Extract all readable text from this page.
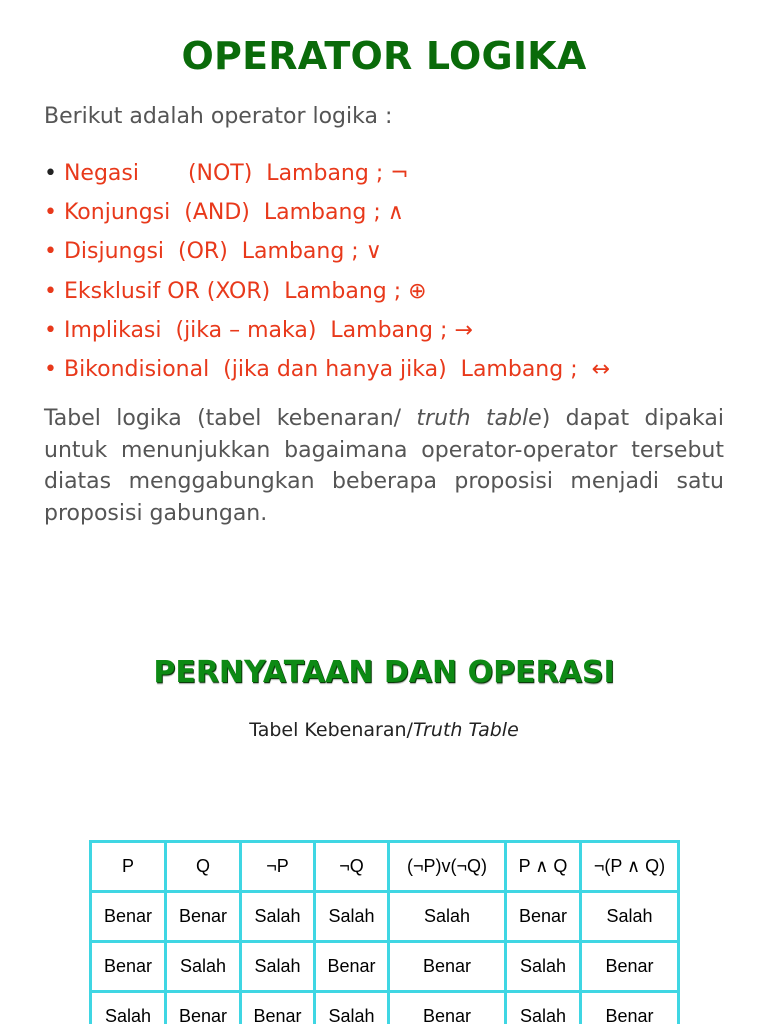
OPERATOR LOGIKA

Berikut adalah operator logika :

• Negasi       (NOT)  Lambang ; ¬
• Konjungsi  (AND)  Lambang ; ∧
• Disjungsi  (OR)  Lambang ; ∨
• Eksklusif OR (XOR)  Lambang ; ⊕
• Implikasi  (jika – maka)  Lambang ; →
• Bikondisional  (jika dan hanya jika)  Lambang ;  ↔

Tabel logika (tabel kebenaran/ truth table) dapat dipakai untuk menunjukkan bagaimana operator-operator tersebut diatas menggabungkan beberapa proposisi menjadi satu proposisi gabungan.

PERNYATAAN DAN OPERASI

Tabel Kebenaran/Truth Table

P	Q	¬P	¬Q	(¬P)v(¬Q)	P ∧ Q	¬(P ∧ Q)
Benar	Benar	Salah	Salah	Salah	Benar	Salah
Benar	Salah	Salah	Benar	Benar	Salah	Benar
Salah	Benar	Benar	Salah	Benar	Salah	Benar
